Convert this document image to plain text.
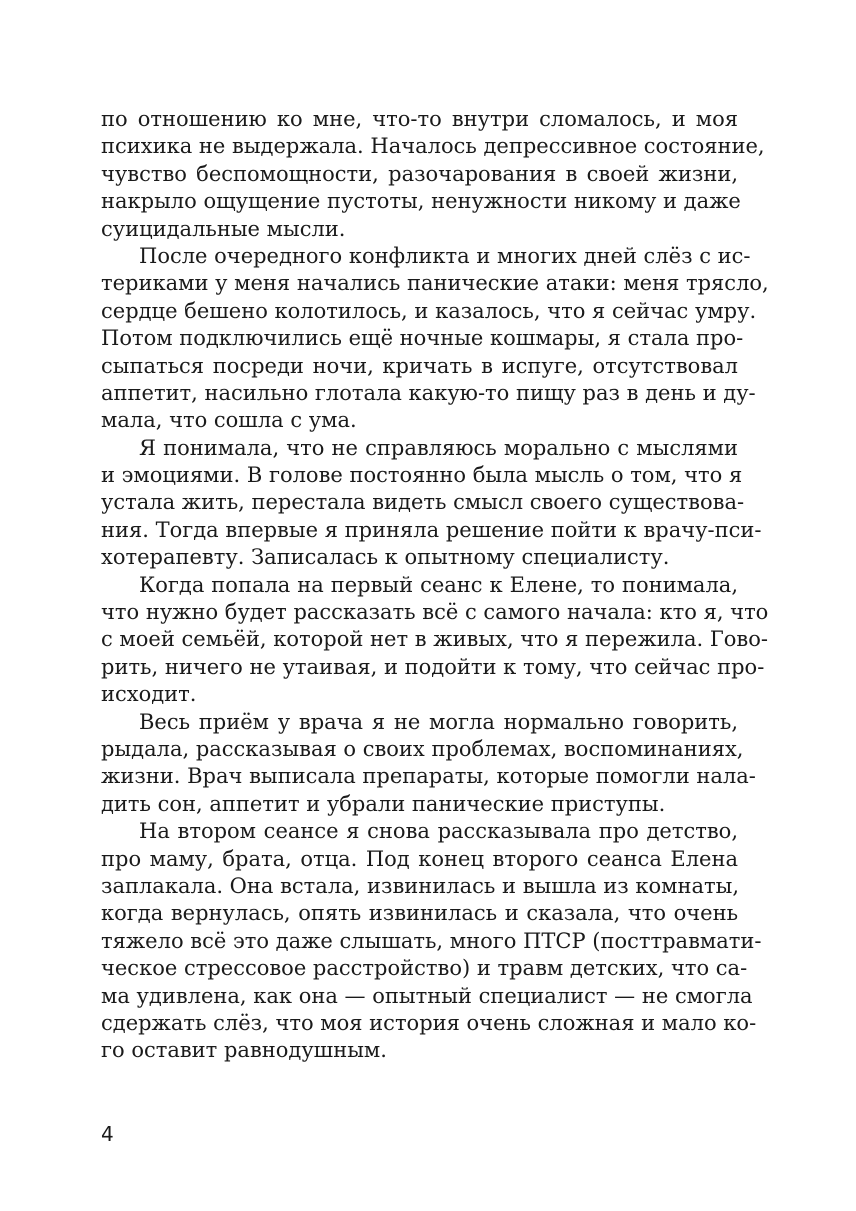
по отношению ко мне, что-то внутри сломалось, и моя
психика не выдержала. Началось депрессивное состояние,
чувство беспомощности, разочарования в своей жизни,
накрыло ощущение пустоты, ненужности никому и даже
суицидальные мысли.
После очередного конфликта и многих дней слёз с ис-
териками у меня начались панические атаки: меня трясло,
сердце бешено колотилось, и казалось, что я сейчас умру.
Потом подключились ещё ночные кошмары, я стала про-
сыпаться посреди ночи, кричать в испуге, отсутствовал
аппетит, насильно глотала какую-то пищу раз в день и ду-
мала, что сошла с ума.
Я понимала, что не справляюсь морально с мыслями
и эмоциями. В голове постоянно была мысль о том, что я
устала жить, перестала видеть смысл своего существова-
ния. Тогда впервые я приняла решение пойти к врачу-пси-
хотерапевту. Записалась к опытному специалисту.
Когда попала на первый сеанс к Елене, то понимала,
что нужно будет рассказать всё с самого начала: кто я, что
с моей семьёй, которой нет в живых, что я пережила. Гово-
рить, ничего не утаивая, и подойти к тому, что сейчас про-
исходит.
Весь приём у врача я не могла нормально говорить,
рыдала, рассказывая о своих проблемах, воспоминаниях,
жизни. Врач выписала препараты, которые помогли нала-
дить сон, аппетит и убрали панические приступы.
На втором сеансе я снова рассказывала про детство,
про маму, брата, отца. Под конец второго сеанса Елена
заплакала. Она встала, извинилась и вышла из комнаты,
когда вернулась, опять извинилась и сказала, что очень
тяжело всё это даже слышать, много ПТСР (посттравмати-
ческое стрессовое расстройство) и травм детских, что са-
ма удивлена, как она — опытный специалист — не смогла
сдержать слёз, что моя история очень сложная и мало ко-
го оставит равнодушным.
4
